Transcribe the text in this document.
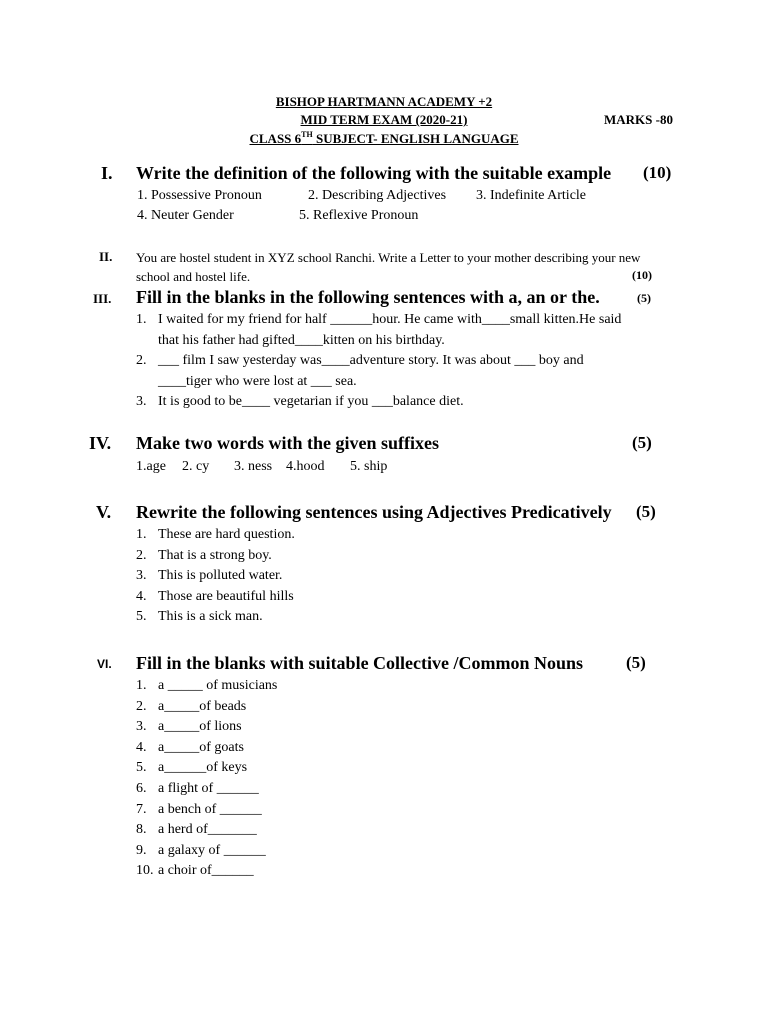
BISHOP HARTMANN ACADEMY +2
MID TERM EXAM (2020-21)	MARKS -80
CLASS 6TH SUBJECT- ENGLISH LANGUAGE
I. Write the definition of the following with the suitable example (10)
1. Possessive Pronoun	2. Describing Adjectives 3. Indefinite Article
4. Neuter Gender	5. Reflexive Pronoun
II. You are hostel student in XYZ school Ranchi. Write a Letter to your mother describing your new
school and hostel life.	(10)
III. Fill in the blanks in the following sentences with a, an or the.	(5)
1. I waited for my friend for half ______hour. He came with____small kitten.He said
that his father had gifted____kitten on his birthday.
2. ___ film I saw yesterday was____adventure story. It was about ___ boy and
____tiger who were lost at ___ sea.
3. It is good to be____ vegetarian if you ___balance diet.
IV. Make two words with the given suffixes	(5)
1.age 2. cy 3. ness 4.hood 5. ship
V. Rewrite the following sentences using Adjectives Predicatively (5)
1. These are hard question.
2. That is a strong boy.
3. This is polluted water.
4. Those are beautiful hills
5. This is a sick man.
VI. Fill in the blanks with suitable Collective /Common Nouns	(5)
1. a _____ of musicians
2. a_____of beads
3. a_____of lions
4. a_____of goats
5. a______of keys
6. a flight of ______
7. a bench of ______
8. a herd of_______
9. a galaxy of ______
10. a choir of______
